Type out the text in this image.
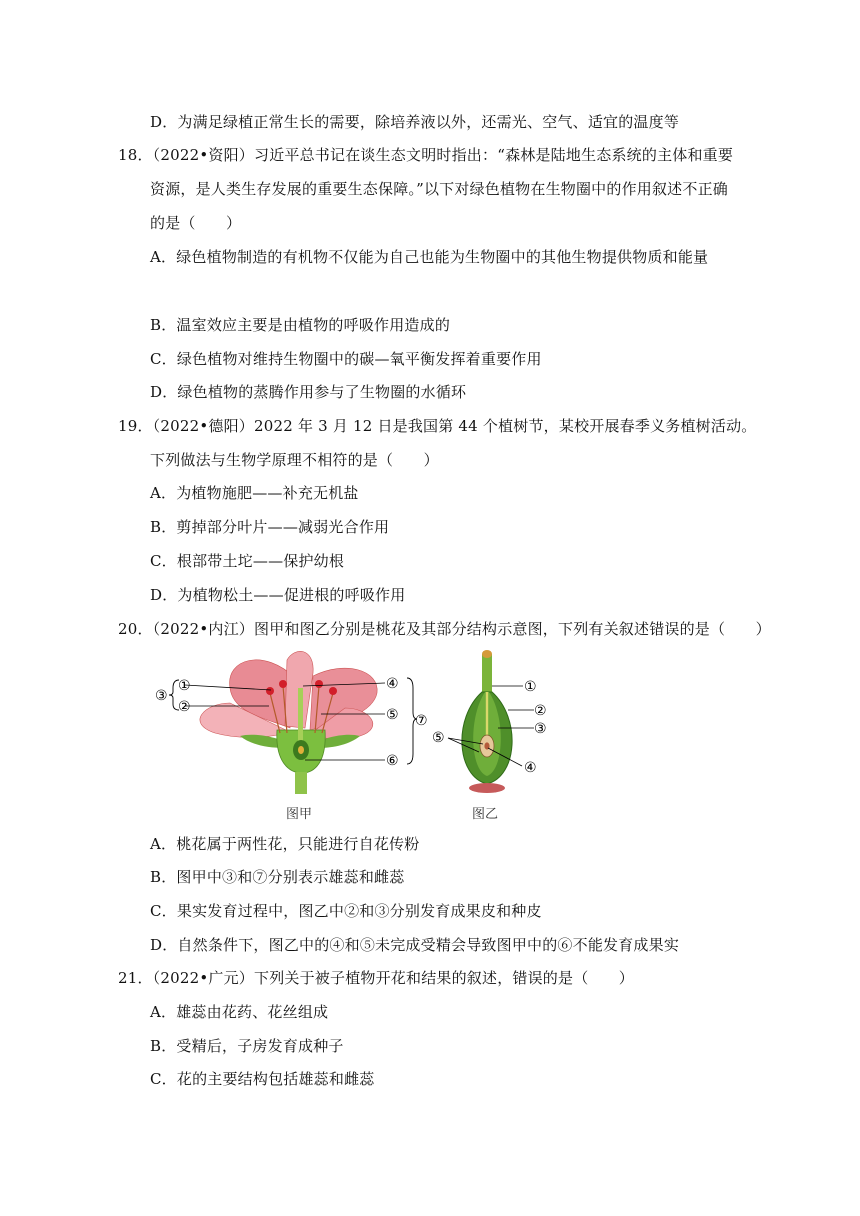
D．为满足绿植正常生长的需要，除培养液以外，还需光、空气、适宜的温度等
18．（2022•资阳）习近平总书记在谈生态文明时指出：“森林是陆地生态系统的主体和重要
资源，是人类生存发展的重要生态保障。”以下对绿色植物在生物圈中的作用叙述不正确
的是（　　）
A．绿色植物制造的有机物不仅能为自己也能为生物圈中的其他生物提供物质和能量
B．温室效应主要是由植物的呼吸作用造成的
C．绿色植物对维持生物圈中的碳—氧平衡发挥着重要作用
D．绿色植物的蒸腾作用参与了生物圈的水循环
19．（2022•德阳）2022 年 3 月 12 日是我国第 44 个植树节，某校开展春季义务植树活动。
下列做法与生物学原理不相符的是（　　）
A．为植物施肥——补充无机盐
B．剪掉部分叶片——减弱光合作用
C．根部带土坨——保护幼根
D．为植物松土——促进根的呼吸作用
20．（2022•内江）图甲和图乙分别是桃花及其部分结构示意图，下列有关叙述错误的是（　　）
③
①
②
④
⑤
⑥
⑦
图甲
①
②
③
④
⑤
图乙
A．桃花属于两性花，只能进行自花传粉
B．图甲中③和⑦分别表示雄蕊和雌蕊
C．果实发育过程中，图乙中②和③分别发育成果皮和种皮
D．自然条件下，图乙中的④和⑤未完成受精会导致图甲中的⑥不能发育成果实
21．（2022•广元）下列关于被子植物开花和结果的叙述，错误的是（　　）
A．雄蕊由花药、花丝组成
B．受精后，子房发育成种子
C．花的主要结构包括雄蕊和雌蕊
